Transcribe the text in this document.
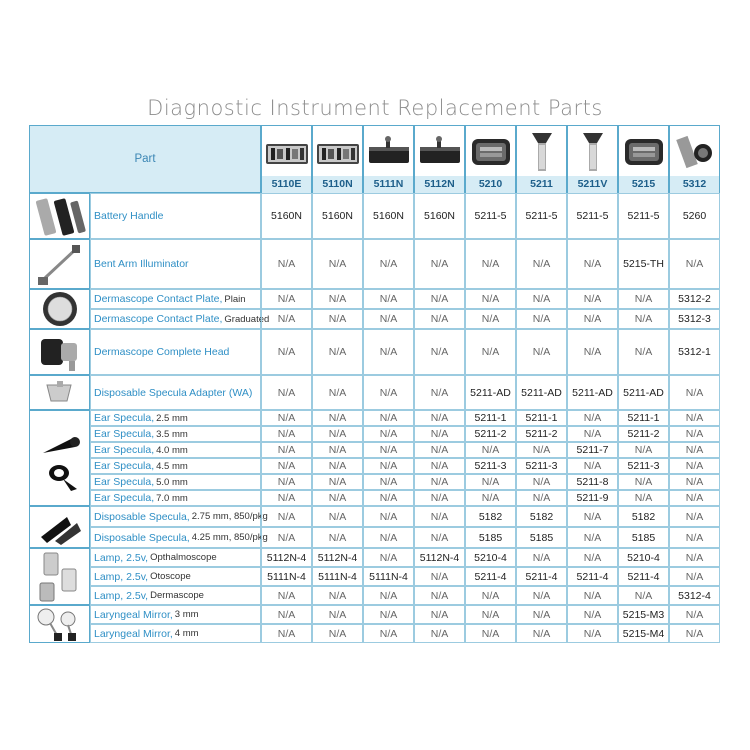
Diagnostic Instrument Replacement Parts
Part
5110E	5110N	5111N	5112N	5210	5211	5211V	5215	5312
Battery Handle	5160N	5160N	5160N	5160N	5211-5	5211-5	5211-5	5211-5	5260
Bent Arm Illuminator	N/A	N/A	N/A	N/A	N/A	N/A	N/A	5215-TH	N/A
Dermascope Contact Plate, Plain	N/A	N/A	N/A	N/A	N/A	N/A	N/A	N/A	5312-2
Dermascope Contact Plate, Graduated N/A	N/A	N/A	N/A	N/A	N/A	N/A	N/A	5312-3
Dermascope Complete Head	N/A	N/A	N/A	N/A	N/A	N/A	N/A	N/A	5312-1
Disposable Specula Adapter (WA)	N/A	N/A	N/A	N/A	5211-AD 5211-AD 5211-AD 5211-AD	N/A
Ear Specula, 2.5 mm	N/A	N/A	N/A	N/A	5211-1	5211-1	N/A	5211-1	N/A
Ear Specula, 3.5 mm	N/A	N/A	N/A	N/A	5211-2	5211-2	N/A	5211-2	N/A
Ear Specula, 4.0 mm	N/A	N/A	N/A	N/A	N/A	N/A	5211-7	N/A	N/A
Ear Specula, 4.5 mm	N/A	N/A	N/A	N/A	5211-3	5211-3	N/A	5211-3	N/A
Ear Specula, 5.0 mm	N/A	N/A	N/A	N/A	N/A	N/A	5211-8	N/A	N/A
Ear Specula, 7.0 mm	N/A	N/A	N/A	N/A	N/A	N/A	5211-9	N/A	N/A
Disposable Specula, 2.75 mm, 850/pkg N/A	N/A	N/A	N/A	5182	5182	N/A	5182	N/A
Disposable Specula, 4.25 mm, 850/pkg N/A	N/A	N/A	N/A	5185	5185	N/A	5185	N/A
Lamp, 2.5v, Opthalmoscope	5112N-4	5112N-4	N/A	5112N-4	5210-4	N/A	N/A	5210-4	N/A
Lamp, 2.5v, Otoscope	5111N-4	5111N-4	5111N-4	N/A	5211-4	5211-4	5211-4	5211-4	N/A
Lamp, 2.5v, Dermascope	N/A	N/A	N/A	N/A	N/A	N/A	N/A	N/A	5312-4
Laryngeal Mirror, 3 mm	N/A	N/A	N/A	N/A	N/A	N/A	N/A	5215-M3	N/A
Laryngeal Mirror, 4 mm	N/A	N/A	N/A	N/A	N/A	N/A	N/A	5215-M4	N/A
